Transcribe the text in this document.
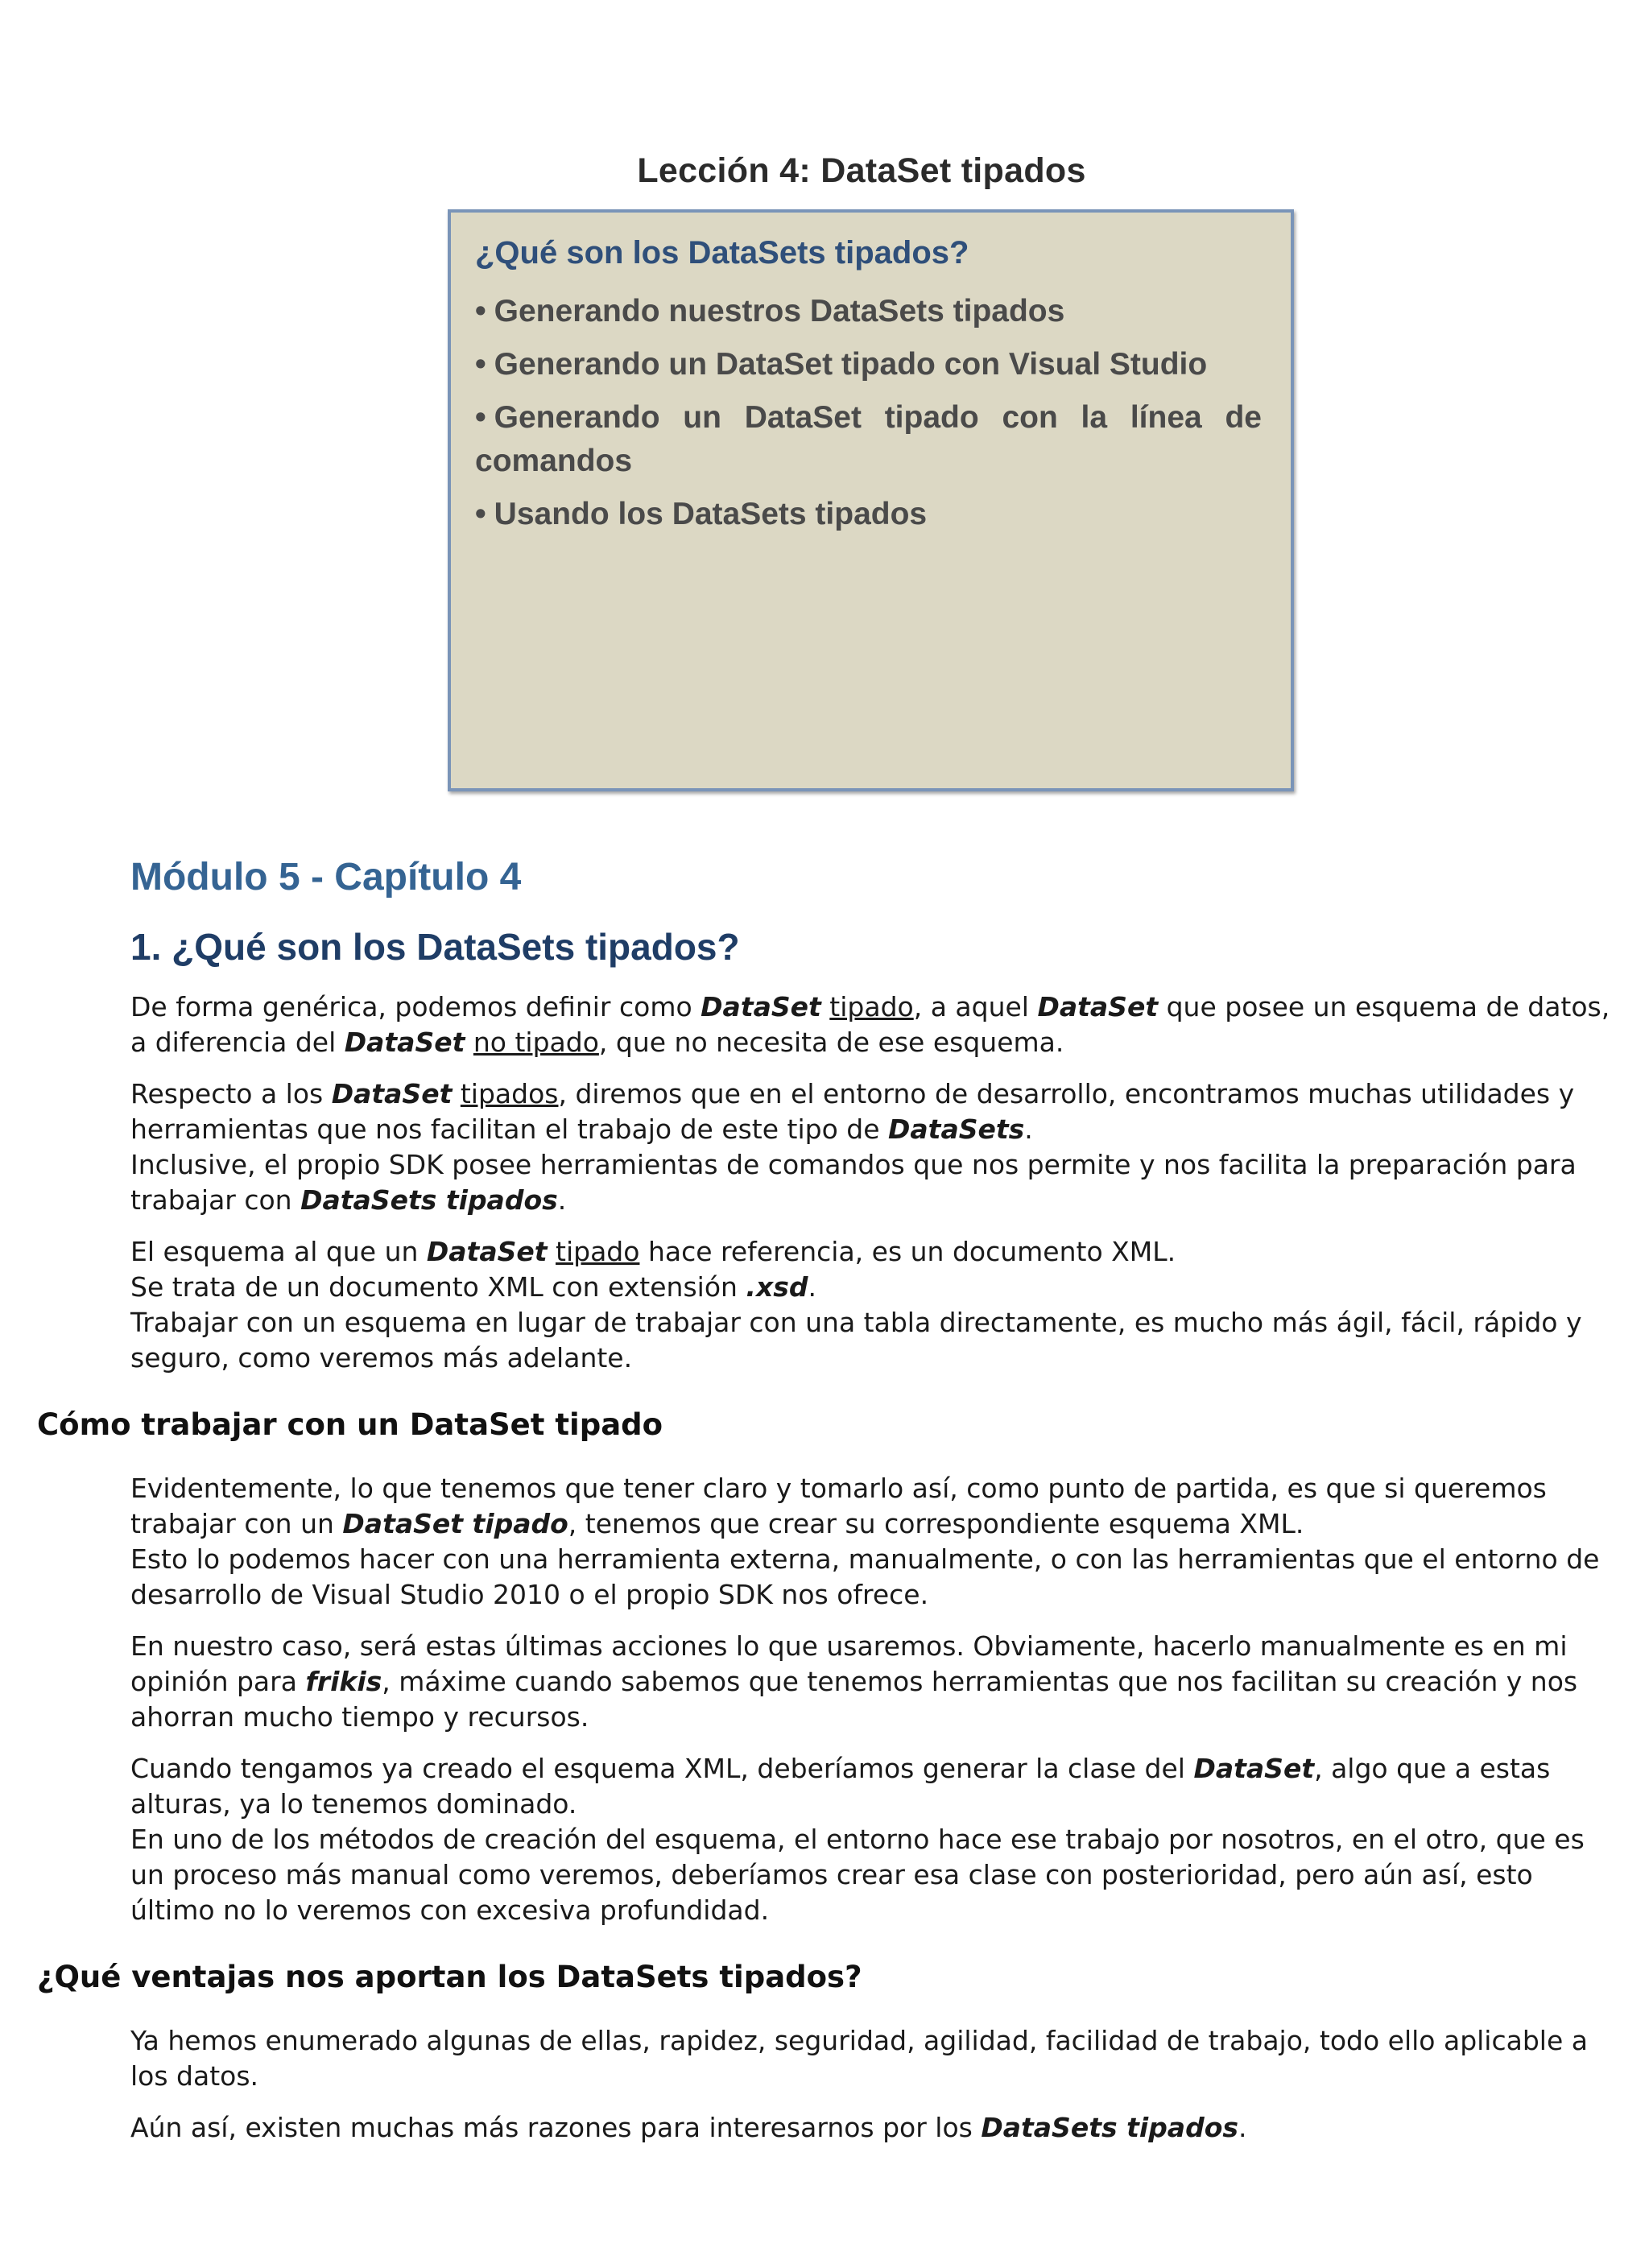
Lección 4: DataSet tipados
¿Qué son los DataSets tipados?
• Generando nuestros DataSets tipados
• Generando un DataSet tipado con Visual Studio
• Generando un DataSet tipado con la línea de comandos
• Usando los DataSets tipados
Módulo 5 - Capítulo 4
1. ¿Qué son los DataSets tipados?

De forma genérica, podemos definir como DataSet tipado, a aquel DataSet que posee un esquema de datos, a diferencia del DataSet no tipado, que no necesita de ese esquema.

Respecto a los DataSet tipados, diremos que en el entorno de desarrollo, encontramos muchas utilidades y herramientas que nos facilitan el trabajo de este tipo de DataSets.

Inclusive, el propio SDK posee herramientas de comandos que nos permite y nos facilita la preparación para trabajar con DataSets tipados.

El esquema al que un DataSet tipado hace referencia, es un documento XML.

Se trata de un documento XML con extensión .xsd.

Trabajar con un esquema en lugar de trabajar con una tabla directamente, es mucho más ágil, fácil, rápido y seguro, como veremos más adelante.

Cómo trabajar con un DataSet tipado

Evidentemente, lo que tenemos que tener claro y tomarlo así, como punto de partida, es que si queremos trabajar con un DataSet tipado, tenemos que crear su correspondiente esquema XML.

Esto lo podemos hacer con una herramienta externa, manualmente, o con las herramientas que el entorno de desarrollo de Visual Studio 2010 o el propio SDK nos ofrece.

En nuestro caso, será estas últimas acciones lo que usaremos. Obviamente, hacerlo manualmente es en mi opinión para frikis, máxime cuando sabemos que tenemos herramientas que nos facilitan su creación y nos ahorran mucho tiempo y recursos.

Cuando tengamos ya creado el esquema XML, deberíamos generar la clase del DataSet, algo que a estas alturas, ya lo tenemos dominado.

En uno de los métodos de creación del esquema, el entorno hace ese trabajo por nosotros, en el otro, que es un proceso más manual como veremos, deberíamos crear esa clase con posterioridad, pero aún así, esto último no lo veremos con excesiva profundidad.

¿Qué ventajas nos aportan los DataSets tipados?

Ya hemos enumerado algunas de ellas, rapidez, seguridad, agilidad, facilidad de trabajo, todo ello aplicable a los datos.

Aún así, existen muchas más razones para interesarnos por los DataSets tipados.
